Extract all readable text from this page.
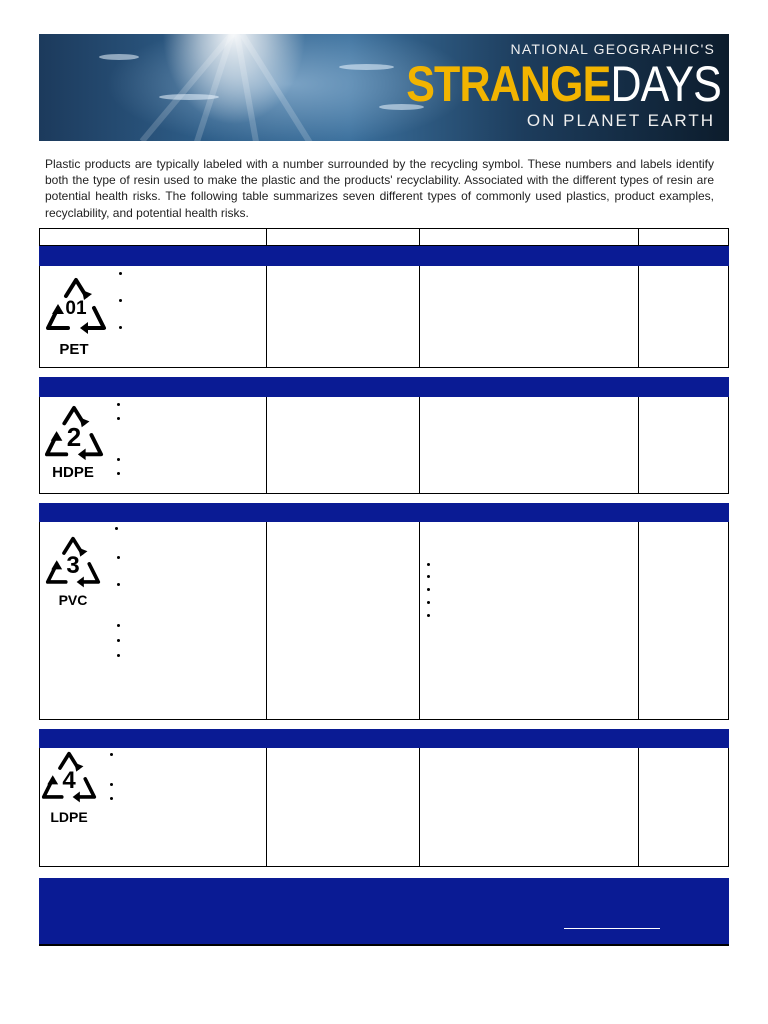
NATIONAL GEOGRAPHIC'S
STRANGEDAYS
ON PLANET EARTH
Plastic products are typically labeled with a number surrounded by the recycling symbol. These numbers and labels identify both the type of resin used to make the plastic and the products' recyclability. Associated with the different types of resin are potential health risks. The following table summarizes seven different types of commonly used plastics, product examples, recyclability, and potential health risks.
01
PET
2
HDPE
3
PVC
4
LDPE
